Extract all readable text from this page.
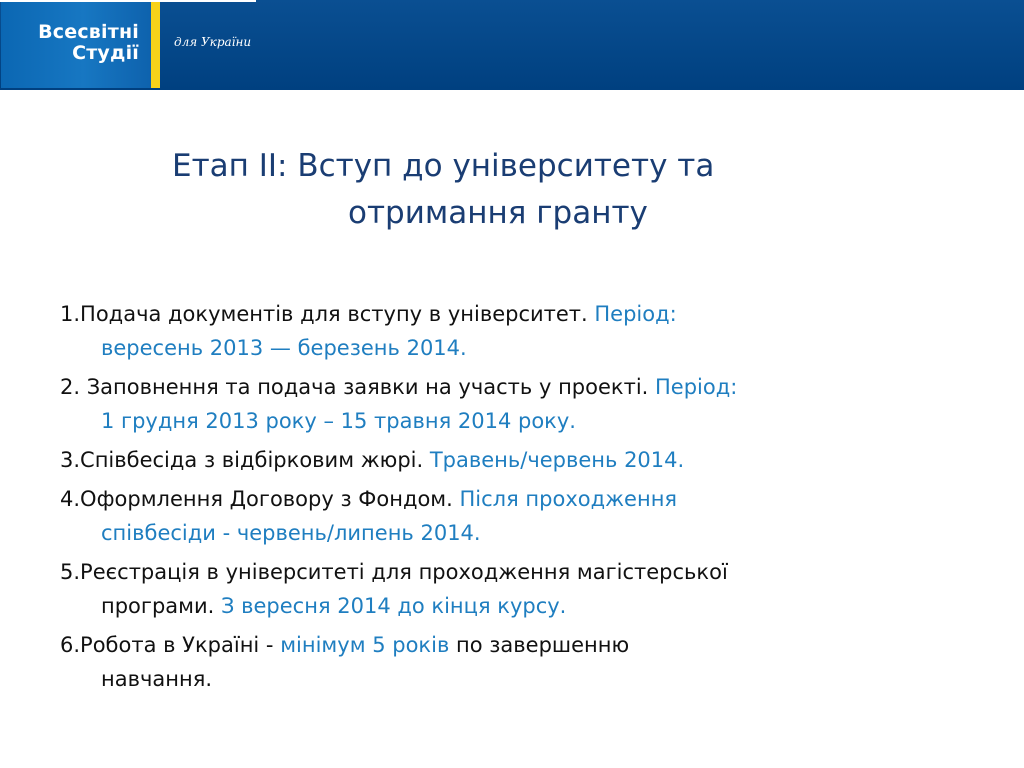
Всесвітні
Студії	для України
Етап ІІ: Вступ до університету та
отримання гранту
1.Подача документів для вступу в університет. Період:
вересень 2013 — березень 2014.
2. Заповнення та подача заявки на участь у проекті. Період:
1 грудня 2013 року – 15 травня 2014 року.
3.Співбесіда з відбірковим жюрі. Травень/червень 2014.
4.Оформлення Договору з Фондом. Після проходження
співбесіди - червень/липень 2014.
5.Реєстрація в університеті для проходження магістерської
програми. З вересня 2014 до кінця курсу.
6.Робота в Україні - мінімум 5 років по завершенню
навчання.
